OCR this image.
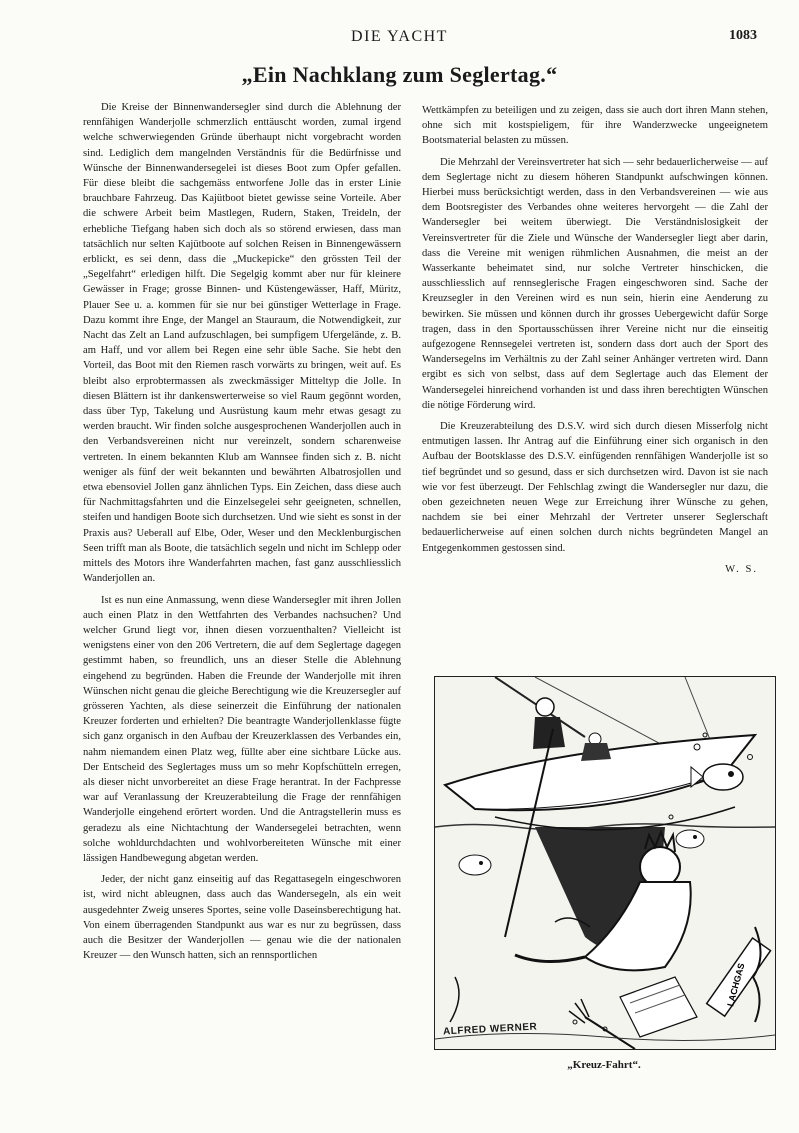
DIE YACHT	1083
„Ein Nachklang zum Seglertag.“

Die Kreise der Binnenwandersegler sind durch die Ablehnung der rennfähigen Wanderjolle schmerzlich enttäuscht worden, zumal irgend welche schwerwiegenden Gründe überhaupt nicht vorgebracht worden sind. Lediglich dem mangelnden Verständnis für die Bedürfnisse und Wünsche der Binnenwandersegelei ist dieses Boot zum Opfer gefallen. Für diese bleibt die sachgemäss entworfene Jolle das in erster Linie brauchbare Fahrzeug. Das Kajütboot bietet gewisse seine Vorteile. Aber die schwere Arbeit beim Mastlegen, Rudern, Staken, Treideln, der erhebliche Tiefgang haben sich doch als so störend erwiesen, dass man tatsächlich nur selten Kajütboote auf solchen Reisen in Binnengewässern erblickt, es sei denn, dass die „Muckepicke“ den grössten Teil der „Segelfahrt“ erledigen hilft. Die Segelgig kommt aber nur für kleinere Gewässer in Frage; grosse Binnen- und Küstengewässer, Haff, Müritz, Plauer See u. a. kommen für sie nur bei günstiger Wetterlage in Frage. Dazu kommt ihre Enge, der Mangel an Stauraum, die Notwendigkeit, zur Nacht das Zelt an Land aufzuschlagen, bei sumpfigem Ufergelände, z. B. am Haff, und vor allem bei Regen eine sehr üble Sache. Sie hebt den Vorteil, das Boot mit den Riemen rasch vorwärts zu bringen, weit auf. Es bleibt also erprobtermassen als zweckmässiger Mitteltyp die Jolle. In diesen Blättern ist ihr dankenswerterweise so viel Raum gegönnt worden, dass über Typ, Takelung und Ausrüstung kaum mehr etwas gesagt zu werden braucht. Wir finden solche ausgesprochenen Wanderjollen auch in den Verbandsvereinen nicht nur vereinzelt, sondern scharenweise vertreten. In einem bekannten Klub am Wannsee finden sich z. B. nicht weniger als fünf der weit bekannten und bewährten Albatrosjollen und etwa ebensoviel Jollen ganz ähnlichen Typs. Ein Zeichen, dass diese auch für Nachmittagsfahrten und die Einzelsegelei sehr geeigneten, schnellen, steifen und handigen Boote sich durchsetzen. Und wie sieht es sonst in der Praxis aus? Ueberall auf Elbe, Oder, Weser und den Mecklenburgischen Seen trifft man als Boote, die tatsächlich segeln und nicht im Schlepp oder mittels des Motors ihre Wanderfahrten machen, fast ganz ausschliesslich Wanderjollen an.

Ist es nun eine Anmassung, wenn diese Wandersegler mit ihren Jollen auch einen Platz in den Wettfahrten des Verbandes nachsuchen? Und welcher Grund liegt vor, ihnen diesen vorzuenthalten? Vielleicht ist wenigstens einer von den 206 Vertretern, die auf dem Seglertage dagegen gestimmt haben, so freundlich, uns an dieser Stelle die Ablehnung eingehend zu begründen. Haben die Freunde der Wanderjolle mit ihren Wünschen nicht genau die gleiche Berechtigung wie die Kreuzersegler auf grösseren Yachten, als diese seinerzeit die Einführung der nationalen Kreuzer forderten und erhielten? Die beantragte Wanderjollenklasse fügte sich ganz organisch in den Aufbau der Kreuzerklassen des Verbandes ein, nahm niemandem einen Platz weg, füllte aber eine sichtbare Lücke aus. Der Entscheid des Seglertages muss um so mehr Kopfschütteln erregen, als dieser nicht unvorbereitet an diese Frage herantrat. In der Fachpresse war auf Veranlassung der Kreuzerabteilung die Frage der rennfähigen Wanderjolle eingehend erörtert worden. Und die Antragstellerin muss es geradezu als eine Nichtachtung der Wandersegelei betrachten, wenn solche wohldurchdachten und wohlvorbereiteten Wünsche mit einer lässigen Handbewegung abgetan werden.

Jeder, der nicht ganz einseitig auf das Regattasegeln eingeschworen ist, wird nicht ableugnen, dass auch das Wandersegeln, als ein weit ausgedehnter Zweig unseres Sportes, seine volle Daseinsberechtigung hat. Von einem überragenden Standpunkt aus war es nur zu begrüssen, dass auch die Besitzer der Wanderjollen — genau wie die der nationalen Kreuzer — den Wunsch hatten, sich an rennsportlichen

Wettkämpfen zu beteiligen und zu zeigen, dass sie auch dort ihren Mann stehen, ohne sich mit kostspieligem, für ihre Wanderzwecke ungeeignetem Bootsmaterial belasten zu müssen.

Die Mehrzahl der Vereinsvertreter hat sich — sehr bedauerlicherweise — auf dem Seglertage nicht zu diesem höheren Standpunkt aufschwingen können. Hierbei muss berücksichtigt werden, dass in den Verbandsvereinen — wie aus dem Bootsregister des Verbandes ohne weiteres hervorgeht — die Zahl der Wandersegler bei weitem überwiegt. Die Verständnislosigkeit der Vereinsvertreter für die Ziele und Wünsche der Wandersegler liegt aber darin, dass die Vereine mit wenigen rühmlichen Ausnahmen, die meist an der Wasserkante beheimatet sind, nur solche Vertreter hinschicken, die ausschliesslich auf rennseglerische Fragen eingeschworen sind. Sache der Kreuzsegler in den Vereinen wird es nun sein, hierin eine Aenderung zu bewirken. Sie müssen und können durch ihr grosses Uebergewicht dafür Sorge tragen, dass in den Sportausschüssen ihrer Vereine nicht nur die einseitig aufgezogene Rennsegelei vertreten ist, sondern dass dort auch der Sport des Wandersegelns im Verhältnis zu der Zahl seiner Anhänger vertreten wird. Dann ergibt es sich von selbst, dass auf dem Seglertage auch das Element der Wandersegelei hinreichend vorhanden ist und dass ihren berechtigten Wünschen die nötige Förderung wird.

Die Kreuzerabteilung des D.S.V. wird sich durch diesen Misserfolg nicht entmutigen lassen. Ihr Antrag auf die Einführung einer sich organisch in den Aufbau der Bootsklasse des D.S.V. einfügenden rennfähigen Wanderjolle ist so tief begründet und so gesund, dass er sich durchsetzen wird. Davon ist sie nach wie vor fest überzeugt. Der Fehlschlag zwingt die Wandersegler nur dazu, die oben gezeichneten neuen Wege zur Erreichung ihrer Wünsche zu gehen, nachdem sie bei einer Mehrzahl der Vertreter unserer Seglerschaft bedauerlicherweise auf einen solchen durch nichts begründeten Mangel an Entgegenkommen gestossen sind.

W. S.
LACHGAS
ALFRED WERNER
„Kreuz-Fahrt“.
